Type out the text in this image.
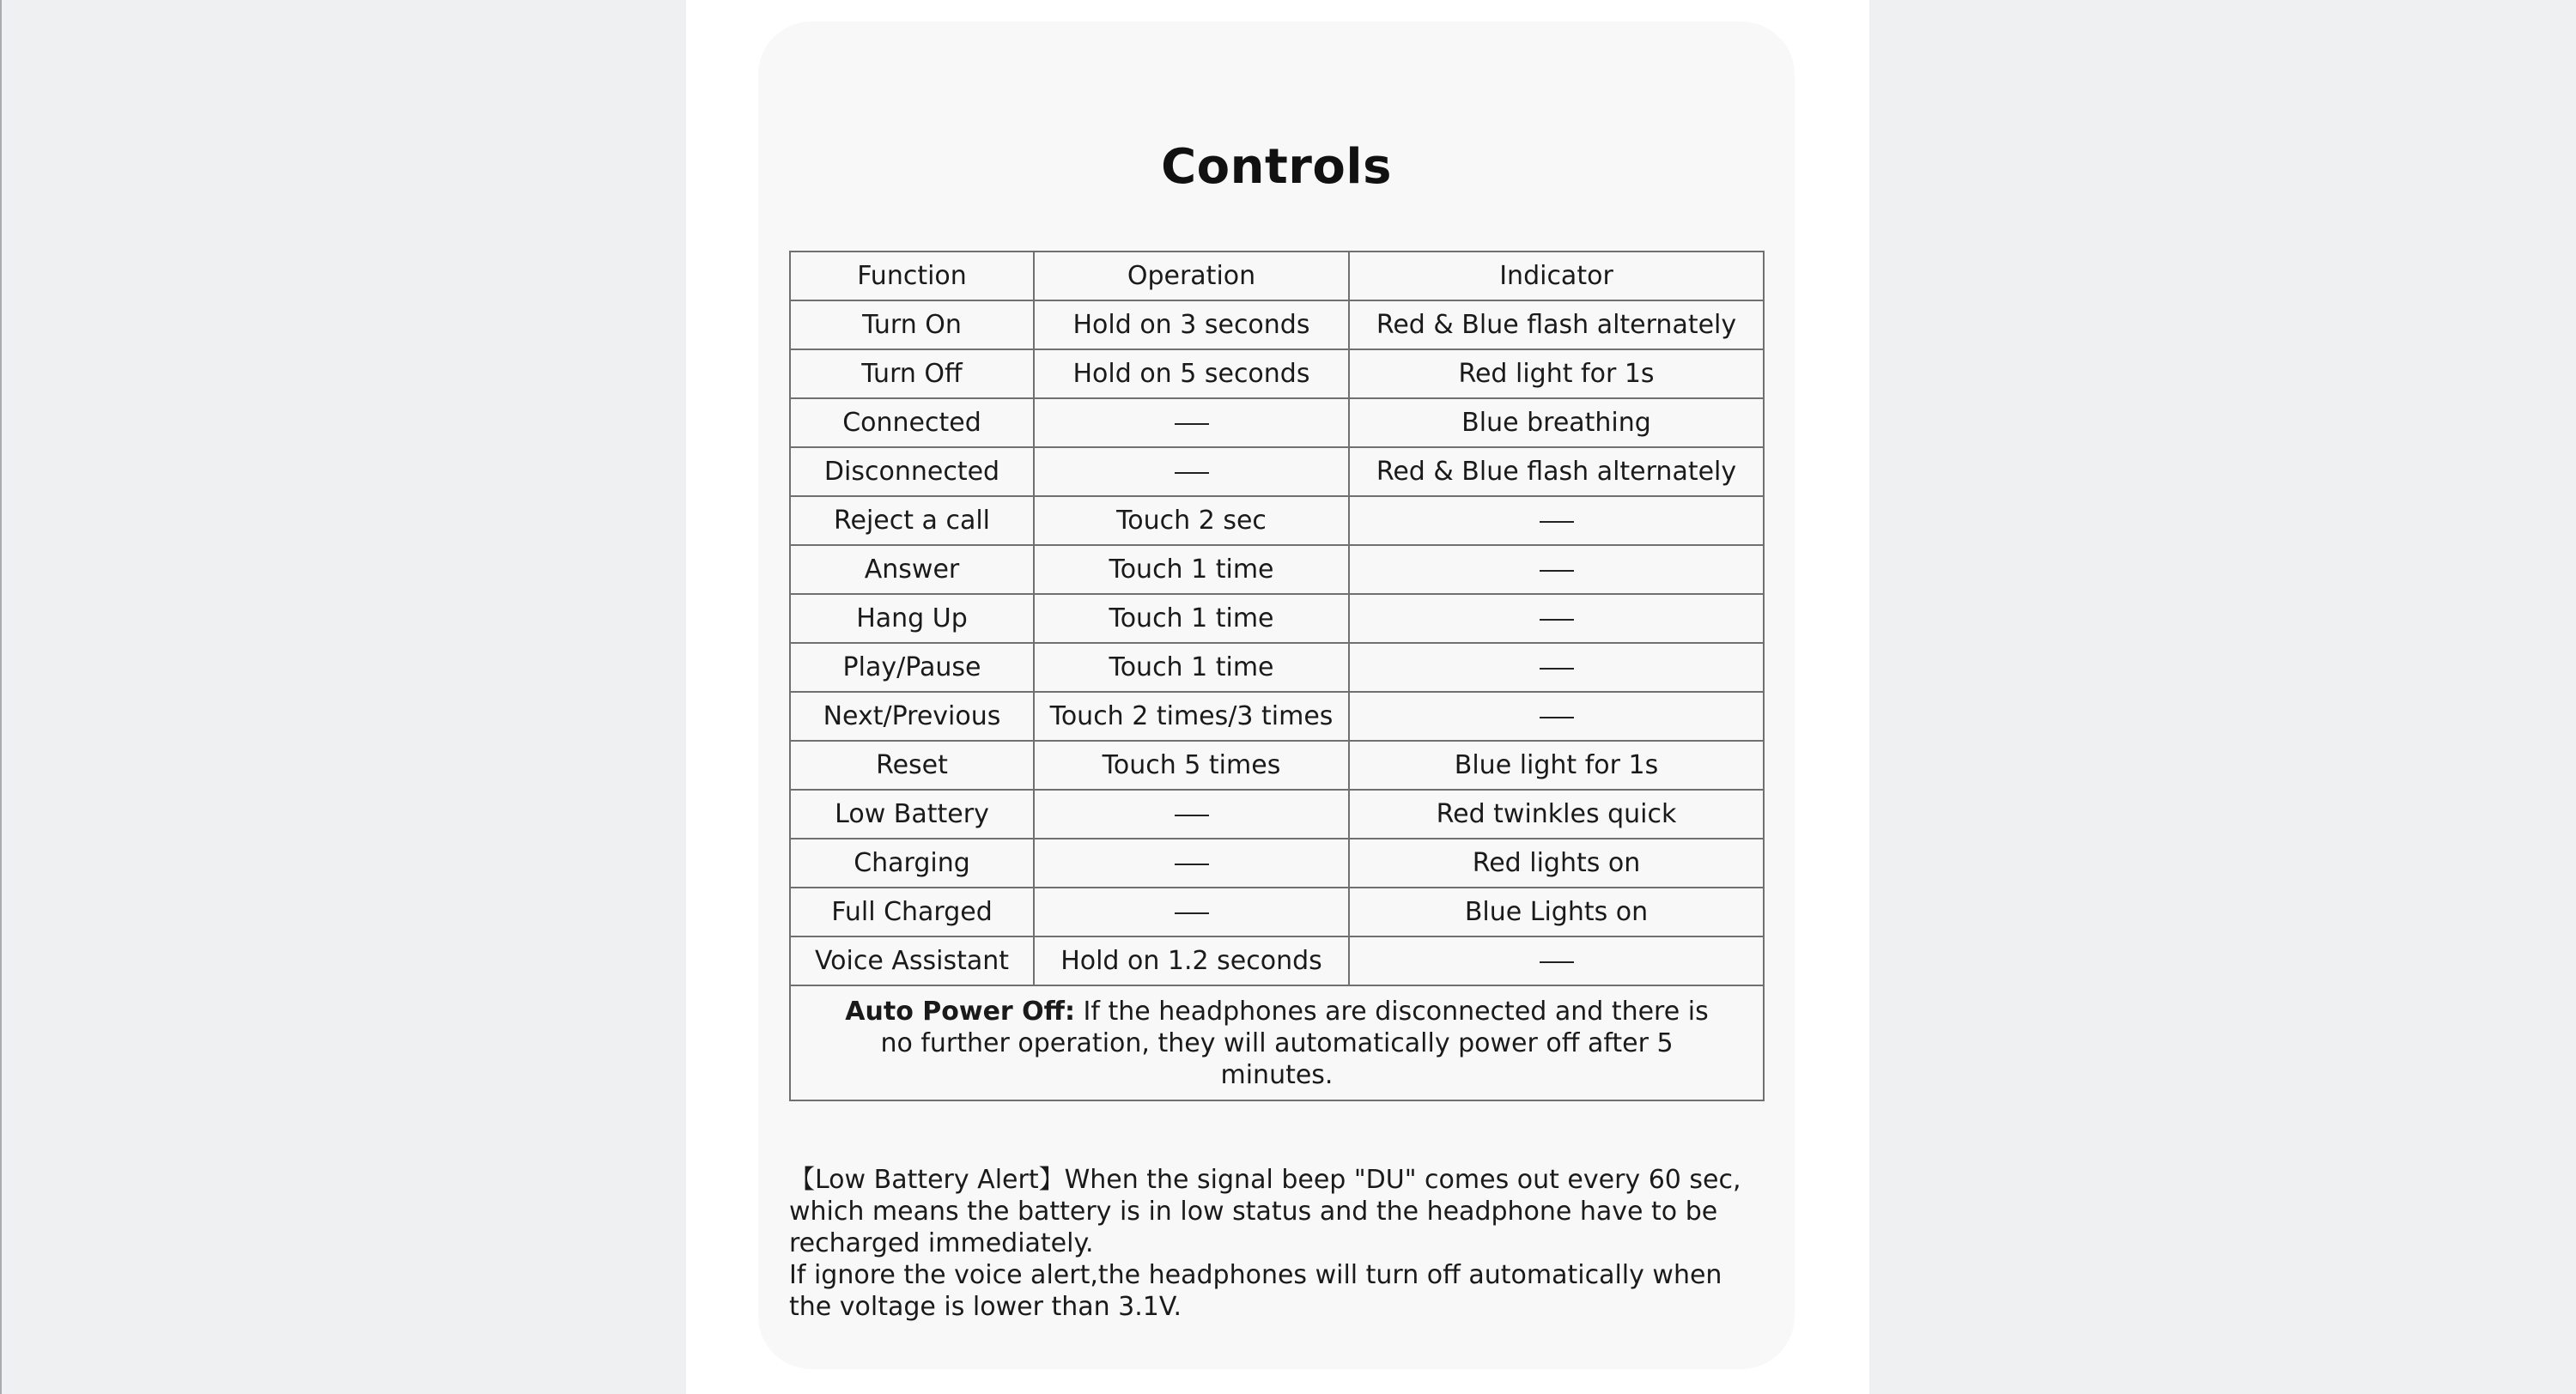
Controls
Function	Operation	Indicator
Turn On	Hold on 3 seconds	Red & Blue flash alternately
Turn Off	Hold on 5 seconds	Red light for 1s
Connected		Blue breathing
Disconnected		Red & Blue flash alternately
Reject a call	Touch 2 sec	
Answer	Touch 1 time	
Hang Up	Touch 1 time	
Play/Pause	Touch 1 time	
Next/Previous	Touch 2 times/3 times	
Reset	Touch 5 times	Blue light for 1s
Low Battery		Red twinkles quick
Charging		Red lights on
Full Charged		Blue Lights on
Voice Assistant	Hold on 1.2 seconds	
Auto Power Off: If the headphones are disconnected and there is no further operation, they will automatically power off after 5 minutes.		

【Low Battery Alert】When the signal beep "DU" comes out every 60 sec, which means the battery is in low status and the headphone have to be recharged immediately.

If ignore the voice alert,the headphones will turn off automatically when the voltage is lower than 3.1V.
